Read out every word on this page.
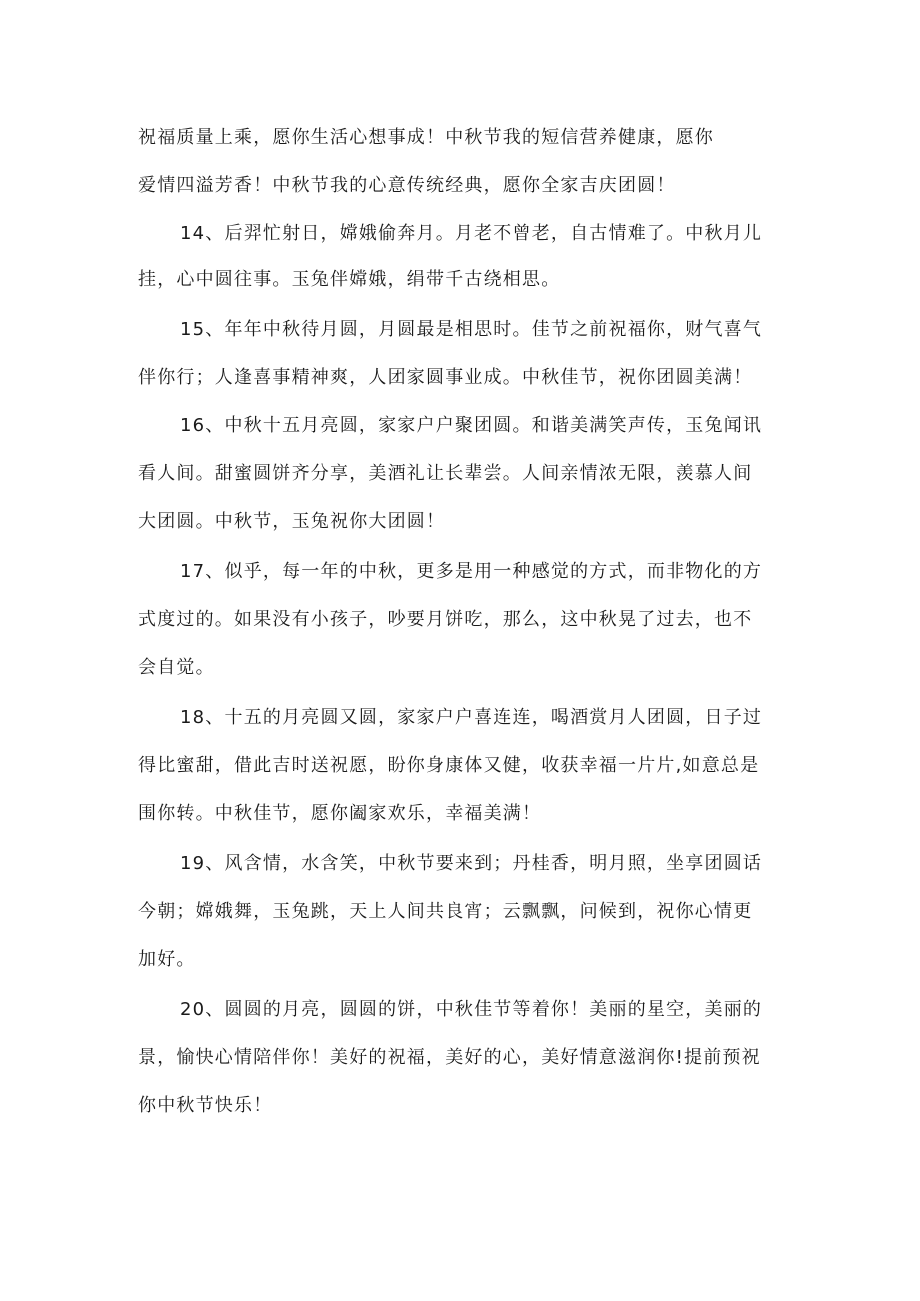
祝福质量上乘，愿你生活心想事成！中秋节我的短信营养健康，愿你
爱情四溢芳香！中秋节我的心意传统经典，愿你全家吉庆团圆！
14、后羿忙射日，嫦娥偷奔月。月老不曾老，自古情难了。中秋月儿
挂，心中圆往事。玉兔伴嫦娥，绢带千古绕相思。
15、年年中秋待月圆，月圆最是相思时。佳节之前祝福你，财气喜气
伴你行；人逢喜事精神爽，人团家圆事业成。中秋佳节，祝你团圆美满！
16、中秋十五月亮圆，家家户户聚团圆。和谐美满笑声传，玉兔闻讯
看人间。甜蜜圆饼齐分享，美酒礼让长辈尝。人间亲情浓无限，羡慕人间
大团圆。中秋节，玉兔祝你大团圆！
17、似乎，每一年的中秋，更多是用一种感觉的方式，而非物化的方
式度过的。如果没有小孩子，吵要月饼吃，那么，这中秋晃了过去，也不
会自觉。
18、十五的月亮圆又圆，家家户户喜连连，喝酒赏月人团圆，日子过
得比蜜甜，借此吉时送祝愿，盼你身康体又健，收获幸福一片片,如意总是
围你转。中秋佳节，愿你阖家欢乐，幸福美满！
19、风含情，水含笑，中秋节要来到；丹桂香，明月照，坐享团圆话
今朝；嫦娥舞，玉兔跳，天上人间共良宵；云飘飘，问候到，祝你心情更
加好。
20、圆圆的月亮，圆圆的饼，中秋佳节等着你！美丽的星空，美丽的
景，愉快心情陪伴你！美好的祝福，美好的心，美好情意滋润你!提前预祝
你中秋节快乐！
